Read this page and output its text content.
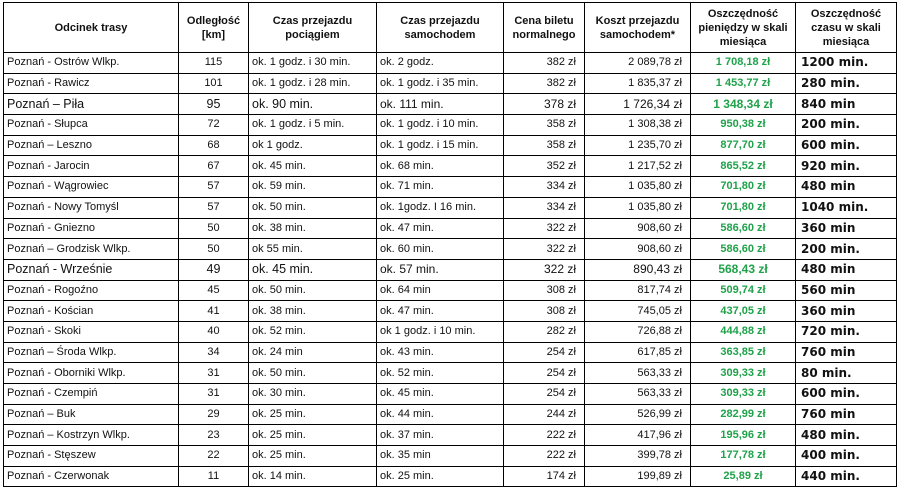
Odcinek trasy	Odległość [km]	Czas przejazdu pociągiem	Czas przejazdu samochodem	Cena biletu normalnego	Koszt przejazdu samochodem*	Oszczędność pieniędzy w skali miesiąca	Oszczędność czasu w skali miesiąca
Poznań - Ostrów Wlkp.	115	ok. 1 godz. i 30 min.	ok. 2 godz.	382 zł	2 089,78 zł	1 708,18 zł	1200 min.
Poznań - Rawicz	101	ok. 1 godz. i 28 min.	ok. 1 godz. i 35 min.	382 zł	1 835,37 zł	1 453,77 zł	280 min.
Poznań – Piła	95	ok. 90 min.	ok. 111 min.	378 zł	1 726,34 zł	1 348,34 zł	840 min
Poznań - Słupca	72	ok. 1 godz. i 5 min.	ok. 1 godz. i 10 min.	358 zł	1 308,38 zł	950,38 zł	200 min.
Poznań – Leszno	68	ok 1 godz.	ok. 1 godz. i 15 min.	358 zł	1 235,70 zł	877,70 zł	600 min.
Poznań - Jarocin	67	ok. 45 min.	ok. 68 min.	352 zł	1 217,52 zł	865,52 zł	920 min.
Poznań - Wągrowiec	57	ok. 59 min.	ok. 71 min.	334 zł	1 035,80 zł	701,80 zł	480 min
Poznań - Nowy Tomyśl	57	ok. 50 min.	ok. 1godz. I 16 min.	334 zł	1 035,80 zł	701,80 zł	1040 min.
Poznań - Gniezno	50	ok. 38 min.	ok. 47 min.	322 zł	908,60 zł	586,60 zł	360 min
Poznań – Grodzisk Wlkp.	50	ok 55 min.	ok. 60 min.	322 zł	908,60 zł	586,60 zł	200 min.
Poznań - Wrześnie	49	ok. 45 min.	ok. 57 min.	322 zł	890,43 zł	568,43 zł	480 min
Poznań - Rogoźno	45	ok. 50 min.	ok. 64 min	308 zł	817,74 zł	509,74 zł	560 min
Poznań - Kościan	41	ok. 38 min.	ok. 47 min.	308 zł	745,05 zł	437,05 zł	360 min
Poznań - Skoki	40	ok. 52 min.	ok 1 godz. i 10 min.	282 zł	726,88 zł	444,88 zł	720 min.
Poznań – Środa Wlkp.	34	ok. 24 min	ok. 43 min.	254 zł	617,85 zł	363,85 zł	760 min
Poznań - Oborniki Wlkp.	31	ok. 50 min.	ok. 52 min.	254 zł	563,33 zł	309,33 zł	80 min.
Poznań - Czempiń	31	ok. 30 min.	ok. 45 min.	254 zł	563,33 zł	309,33 zł	600 min.
Poznań – Buk	29	ok. 25 min.	ok. 44 min.	244 zł	526,99 zł	282,99 zł	760 min
Poznań – Kostrzyn Wlkp.	23	ok. 25 min.	ok. 37 min.	222 zł	417,96 zł	195,96 zł	480 min.
Poznań - Stęszew	22	ok. 25 min.	ok. 35 min	222 zł	399,78 zł	177,78 zł	400 min.
Poznań - Czerwonak	11	ok. 14 min.	ok. 25 min.	174 zł	199,89 zł	25,89 zł	440 min.
